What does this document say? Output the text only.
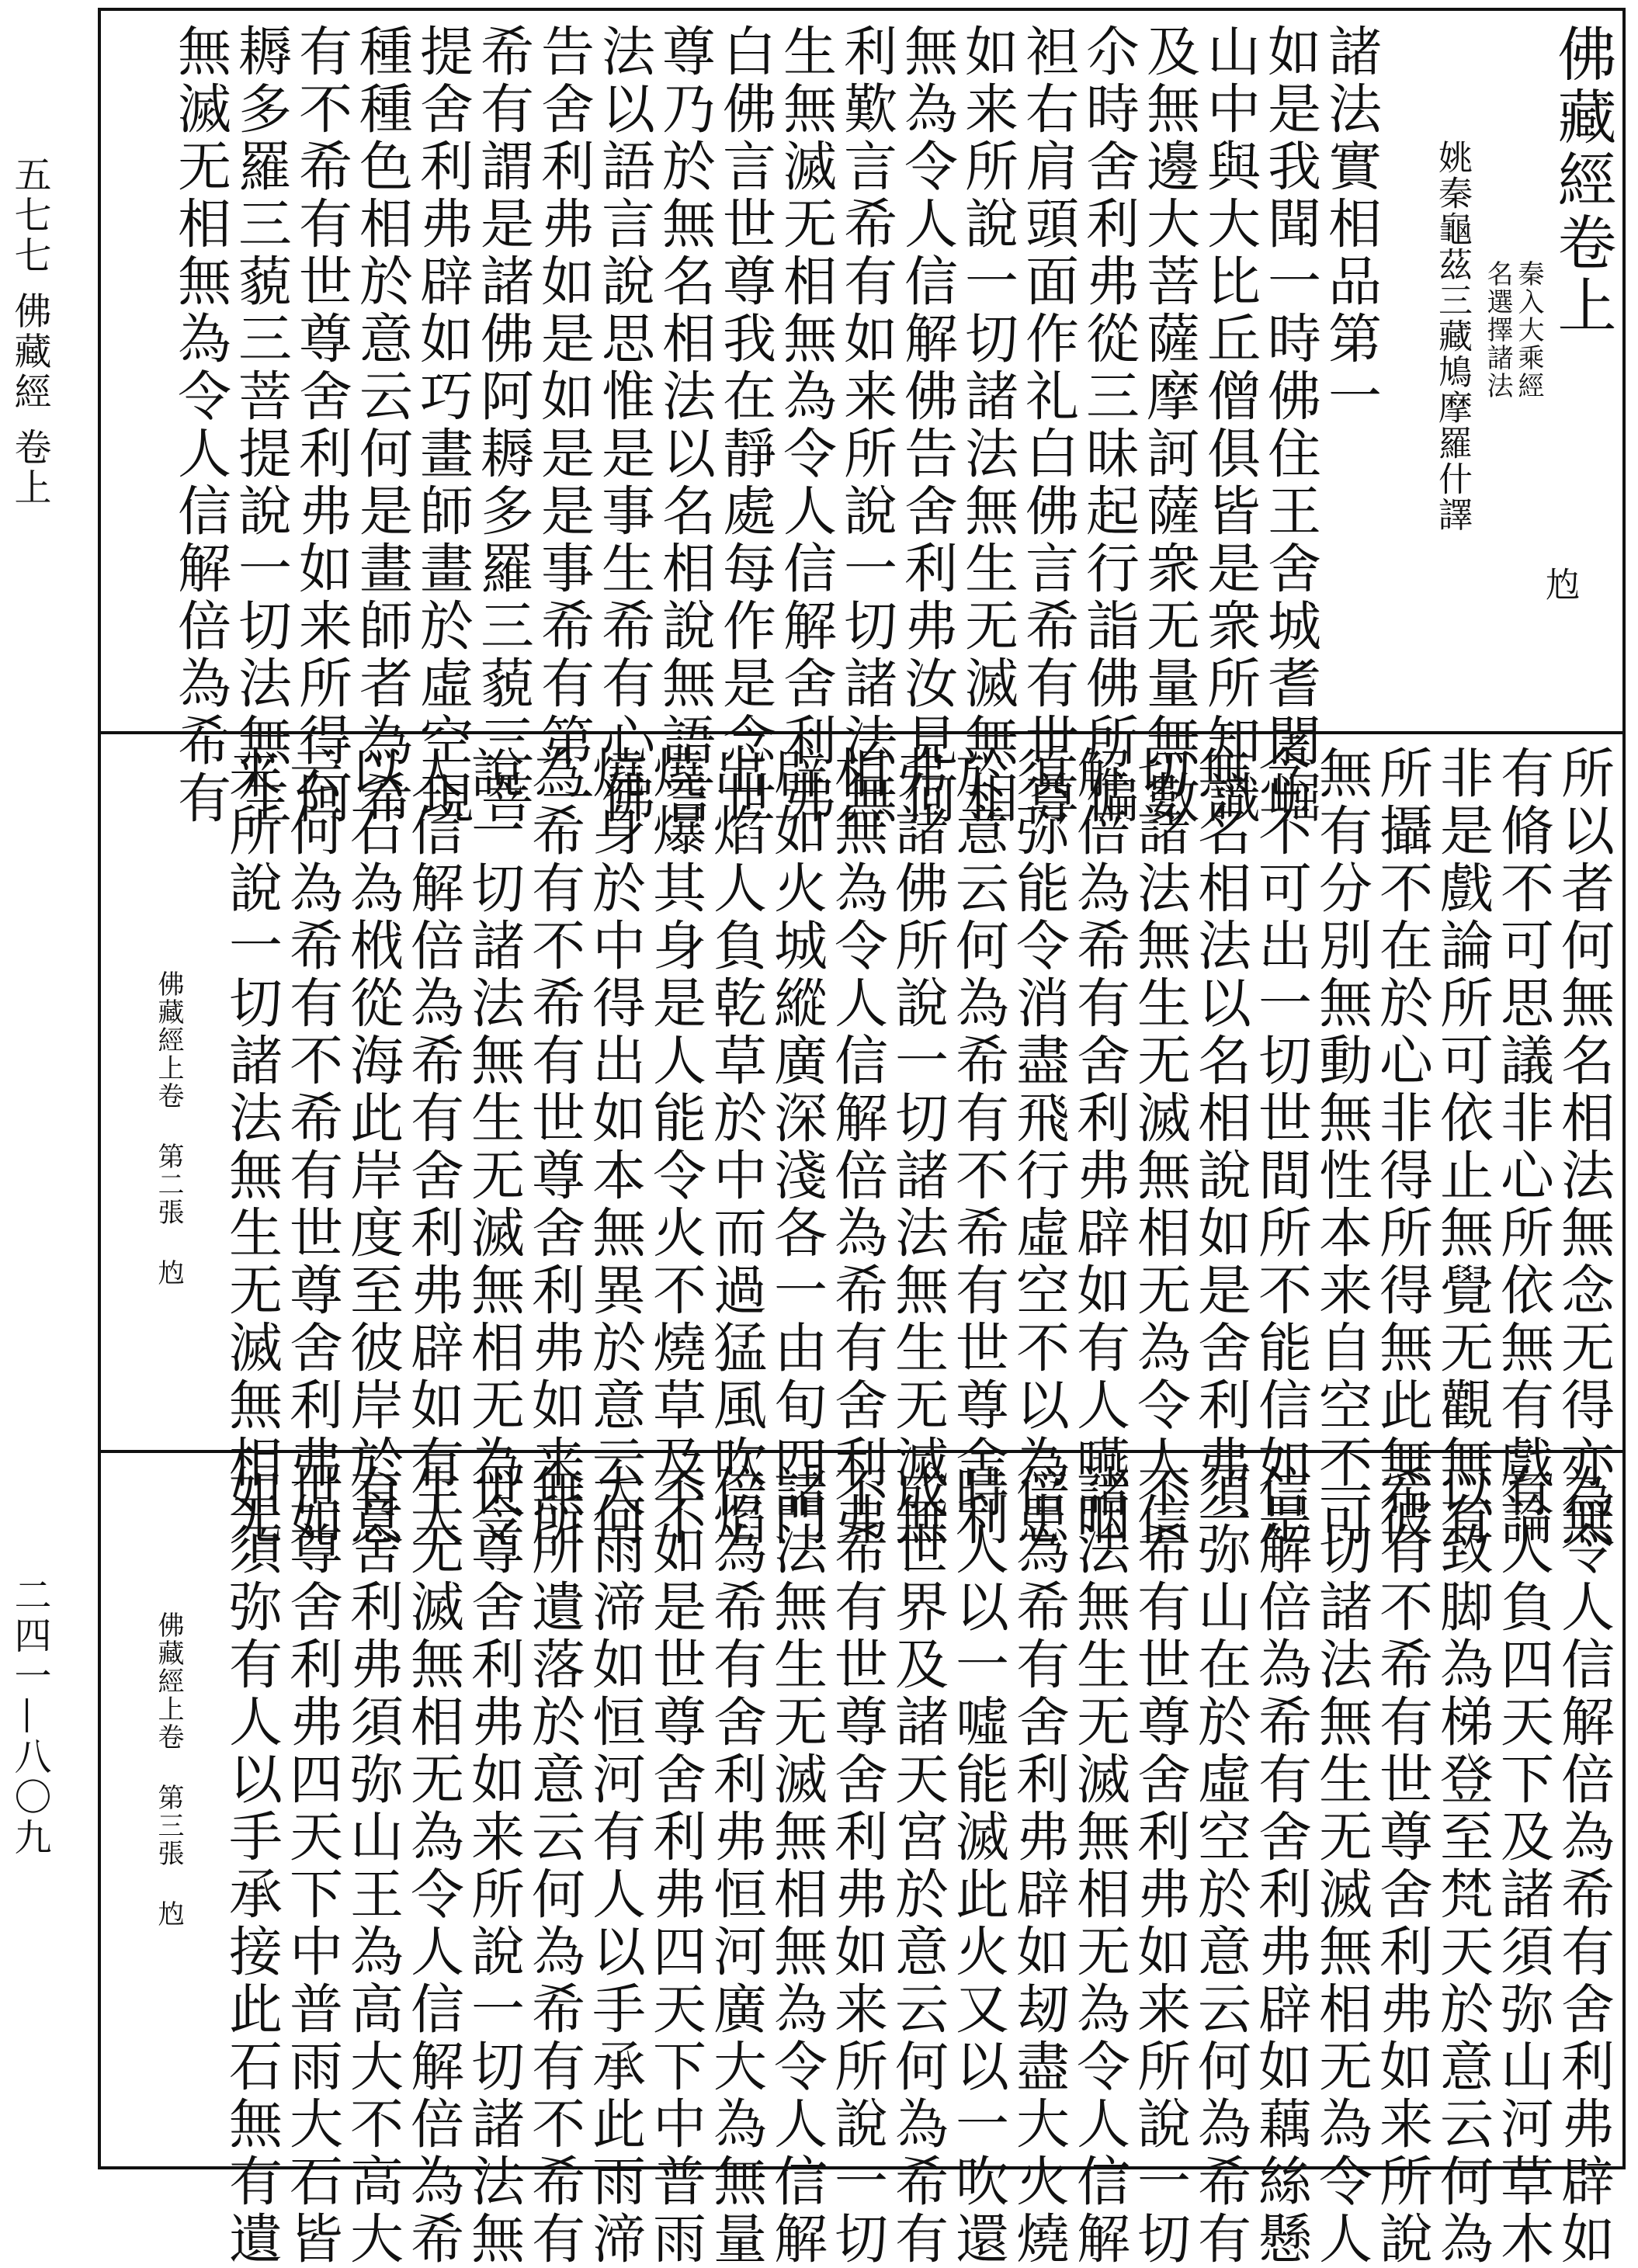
五七七 佛藏經 卷上
二四一—八〇九
佛藏經卷上
秦入大乘經
名選擇諸法
姚秦龜茲三藏鳩摩羅什譯
尥
諸法實相品第一
如是我聞一時佛住王舍城耆闍崛
山中與大比丘僧俱皆是衆所知識
及無邊大菩薩摩訶薩衆无量無數
尒時舍利弗從三昧起行詣佛所偏
袒右肩頭面作礼白佛言希有世尊
如来所說一切諸法無生无滅無相
無為令人信解佛告舍利弗汝見何
利歎言希有如来所說一切諸法無
生無滅无相無為令人信解舍利弗
白佛言世尊我在靜處每作是念世
尊乃於無名相法以名相說無語言
法以語言說思惟是事生希有心佛
告舍利弗如是如是是事希有第一
希有謂是諸佛阿耨多羅三藐三菩
提舍利弗辟如巧畫師畫於虛空現
種種色相於意云何是畫師者為希
有不希有世尊舍利弗如来所得阿
耨多羅三藐三菩提說一切法無生
無滅无相無為令人信解倍為希有
所以者何無名相法無念无得亦無
有脩不可思議非心所依無有戲論
非是戲論所可依止無覺无觀無有
所攝不在於心非得所得無此無彼
無有分別無動無性本来自空不可
念不可出一切世間所不能信如是
無名相法以名相說如是舍利弗一
切諸法無生无滅無相无為令人信
解倍為希有舍利弗辟如有人嚥咽
須弥能令消盡飛行虛空不以為患
於意云何為希有不希有世尊舍利
弗諸佛所說一切諸法無生无滅無
相無為令人信解倍為希有舍利弗
辟如火城縱廣深淺各一由旬四門
出焰人負乾草於中而過猛風吹焰
燒爆其身是人能令火不燒草及不
燒身於中得出如本無異於意云何
為希有不希有世尊舍利弗如来所
說一切諸法無生无滅無相无為令
人信解倍為希有舍利弗辟如有人
以石為栰從海此岸度至彼岸於意
云何為希有不希有世尊舍利弗如
来所說一切諸法無生无滅無相无
佛藏經上卷 第二張 尥
為令人信解倍為希有舍利弗辟如
有人負四天下及諸須弥山河草木
以致脚為梯登至梵天於意云何為
希有不希有世尊舍利弗如来所說
一切諸法無生无滅無相无為令人
信解倍為希有舍利弗辟如藕絲懸
須弥山在於虛空於意云何為希有
不希有世尊舍利弗如来所說一切
諸法無生无滅無相无為令人信解
倍為希有舍利弗辟如刼盡大火燒
時人以一噓能滅此火又以一吹還
成世界及諸天宮於意云何為希有
不希有世尊舍利弗如来所說一切
諸法無生无滅無相無為令人信解
倍為希有舍利弗恒河廣大為無量
不如是世尊舍利弗四天下中普雨
大雨渧如恒河有人以手承此雨渧
無所遺落於意云何為希有不希有
世尊舍利弗如来所說一切諸法無
生无滅無相无為令人信解倍為希
有舍利弗須弥山王為高大不高大
世尊舍利弗四天下中普雨大石皆
如須弥有人以手承接此石無有遺
佛藏經上卷 第三張 尥
